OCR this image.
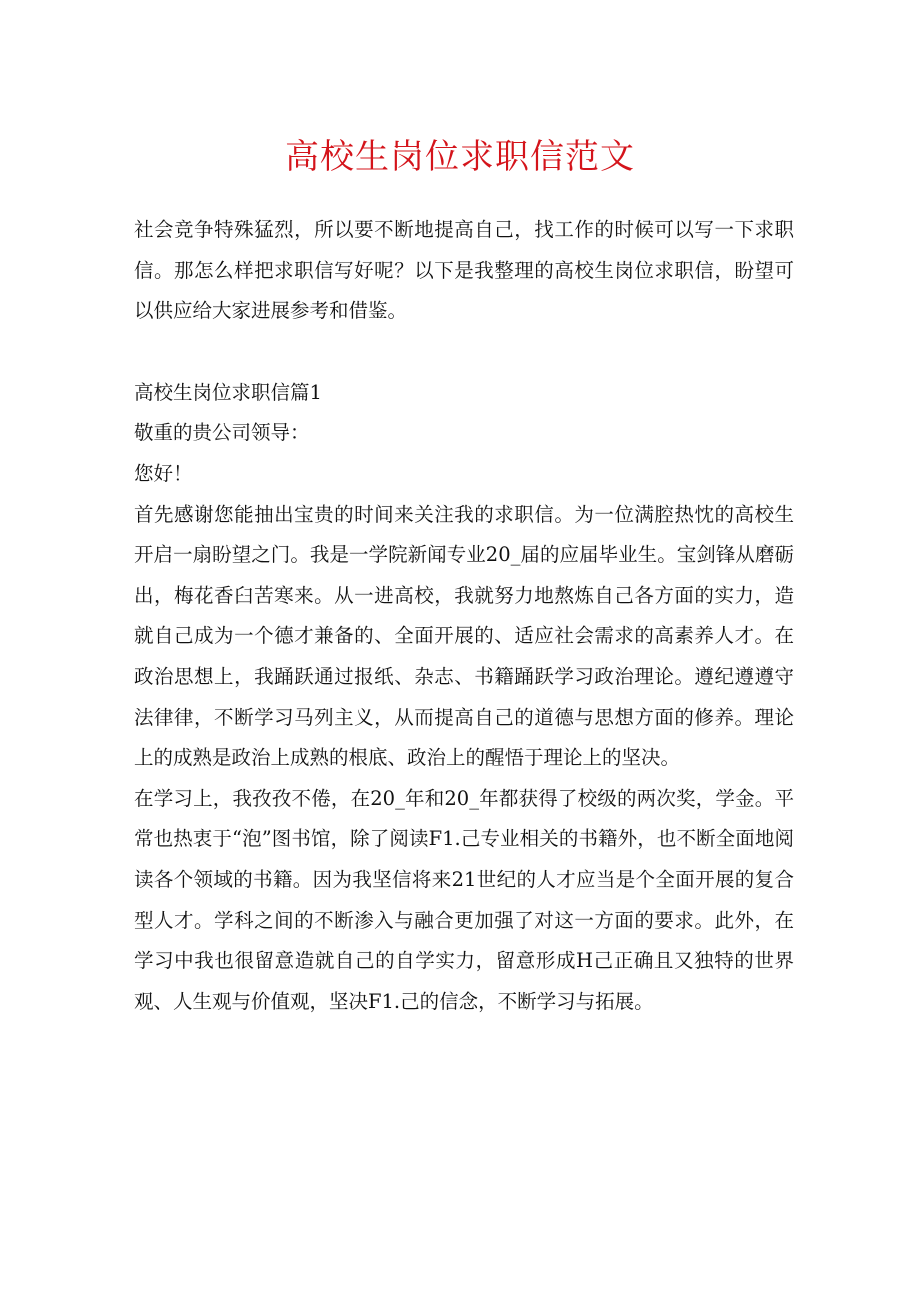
高校生岗位求职信范文

社会竞争特殊猛烈，所以要不断地提高自己，找工作的时候可以写一下求职信。那怎么样把求职信写好呢？以下是我整理的高校生岗位求职信，盼望可以供应给大家进展参考和借鉴。

高校生岗位求职信篇1

敬重的贵公司领导：

您好！

首先感谢您能抽出宝贵的时间来关注我的求职信。为一位满腔热忱的高校生开启一扇盼望之门。我是一学院新闻专业20_届的应届毕业生。宝剑锋从磨砺出，梅花香臼苦寒来。从一进高校，我就努力地熬炼自己各方面的实力，造就自己成为一个德才兼备的、全面开展的、适应社会需求的高素养人才。在政治思想上，我踊跃通过报纸、杂志、书籍踊跃学习政治理论。遵纪遵遵守法律律，不断学习马列主义，从而提高自己的道德与思想方面的修养。理论上的成熟是政治上成熟的根底、政治上的醒悟于理论上的坚决。

在学习上，我孜孜不倦，在20_年和20_年都获得了校级的两次奖，学金。平常也热衷于“泡”图书馆，除了阅读F1.己专业相关的书籍外，也不断全面地阅读各个领域的书籍。因为我坚信将来21世纪的人才应当是个全面开展的复合型人才。学科之间的不断渗入与融合更加强了对这一方面的要求。此外，在学习中我也很留意造就自己的自学实力，留意形成H己正确且又独特的世界观、人生观与价值观，坚决F1.己的信念，不断学习与拓展。
